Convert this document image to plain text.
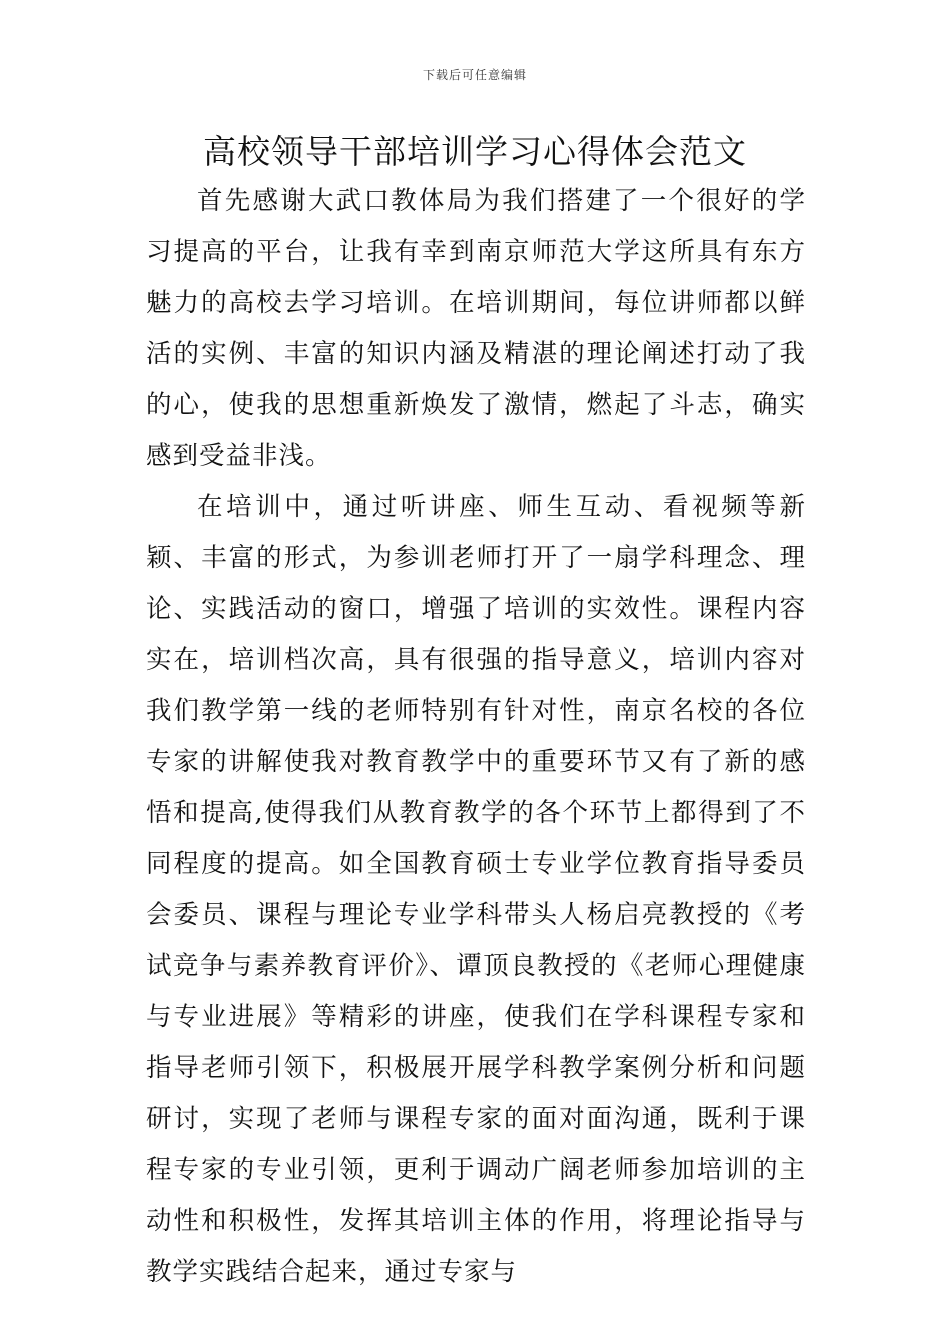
下载后可任意编辑
高校领导干部培训学习心得体会范文

首先感谢大武口教体局为我们搭建了一个很好的学习提高的平台，让我有幸到南京师范大学这所具有东方魅力的高校去学习培训。在培训期间，每位讲师都以鲜活的实例、丰富的知识内涵及精湛的理论阐述打动了我的心，使我的思想重新焕发了激情，燃起了斗志，确实感到受益非浅。

在培训中，通过听讲座、师生互动、看视频等新颖、丰富的形式，为参训老师打开了一扇学科理念、理论、实践活动的窗口，增强了培训的实效性。课程内容实在，培训档次高，具有很强的指导意义，培训内容对我们教学第一线的老师特别有针对性，南京名校的各位专家的讲解使我对教育教学中的重要环节又有了新的感悟和提高,使得我们从教育教学的各个环节上都得到了不同程度的提高。如全国教育硕士专业学位教育指导委员会委员、课程与理论专业学科带头人杨启亮教授的《考试竞争与素养教育评价》、谭顶良教授的《老师心理健康与专业进展》等精彩的讲座，使我们在学科课程专家和指导老师引领下，积极展开展学科教学案例分析和问题研讨，实现了老师与课程专家的面对面沟通，既利于课程专家的专业引领，更利于调动广阔老师参加培训的主动性和积极性，发挥其培训主体的作用，将理论指导与教学实践结合起来，通过专家与
